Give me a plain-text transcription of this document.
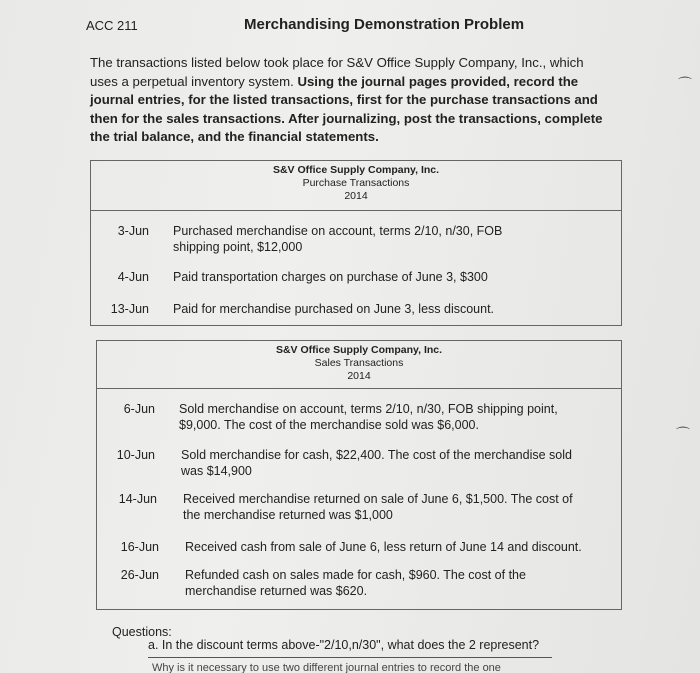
ACC 211	Merchandising Demonstration Problem
The transactions listed below took place for S&V Office Supply Company, Inc., which uses a perpetual inventory system. Using the journal pages provided, record the journal entries, for the listed transactions, first for the purchase transactions and then for the sales transactions. After journalizing, post the transactions, complete the trial balance, and the financial statements.
S&V Office Supply Company, Inc.
Purchase Transactions
2014
3-Jun Purchased merchandise on account, terms 2/10, n/30, FOB
shipping point, $12,000
4-Jun Paid transportation charges on purchase of June 3, $300
13-Jun Paid for merchandise purchased on June 3, less discount.
S&V Office Supply Company, Inc.
Sales Transactions
2014
6-Jun Sold merchandise on account, terms 2/10, n/30, FOB shipping point,
$9,000. The cost of the merchandise sold was $6,000.
10-Jun Sold merchandise for cash, $22,400. The cost of the merchandise sold
was $14,900
14-Jun Received merchandise returned on sale of June 6, $1,500. The cost of
the merchandise returned was $1,000
16-Jun Received cash from sale of June 6, less return of June 14 and discount.
26-Jun Refunded cash on sales made for cash, $960. The cost of the
merchandise returned was $620.
Questions:
a. In the discount terms above-"2/10,n/30", what does the 2 represent?
Why is it necessary to use two different journal entries to record the one
⌒
⌒
